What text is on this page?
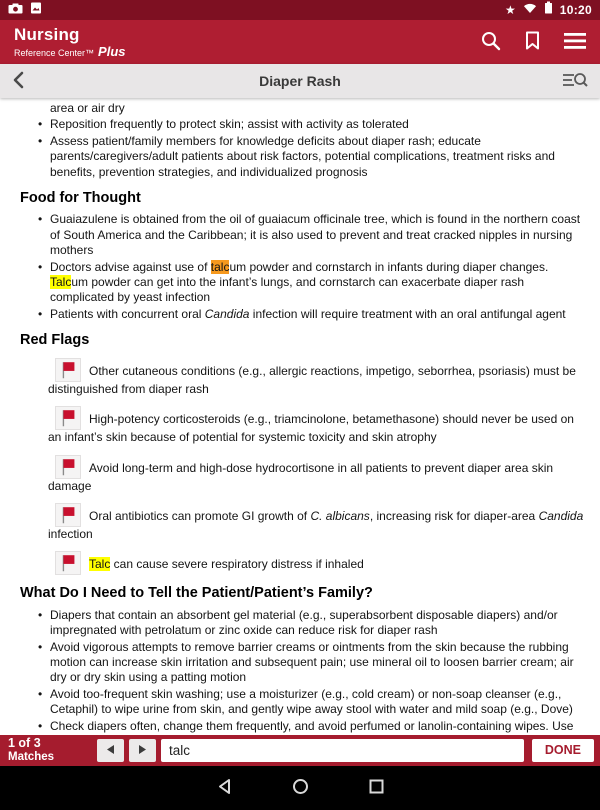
★	10:20
Nursing
Reference Center™ Plus
Diaper Rash
area or air dry
• Reposition frequently to protect skin; assist with activity as tolerated
• Assess patient/family members for knowledge deficits about diaper rash; educate parents/caregivers/adult patients about risk factors, potential complications, treatment risks and benefits, prevention strategies, and individualized prognosis
Food for Thought
• Guaiazulene is obtained from the oil of guaiacum officinale tree, which is found in the northern coast of South America and the Caribbean; it is also used to prevent and treat cracked nipples in nursing mothers
• Doctors advise against use of talcum powder and cornstarch in infants during diaper changes. Talcum powder can get into the infant’s lungs, and cornstarch can exacerbate diaper rash complicated by yeast infection
• Patients with concurrent oral Candida infection will require treatment with an oral antifungal agent
Red Flags
Other cutaneous conditions (e.g., allergic reactions, impetigo, seborrhea, psoriasis) must be distinguished from diaper rash
High-potency corticosteroids (e.g., triamcinolone, betamethasone) should never be used on an infant’s skin because of potential for systemic toxicity and skin atrophy
Avoid long-term and high-dose hydrocortisone in all patients to prevent diaper area skin damage
Oral antibiotics can promote GI growth of C. albicans, increasing risk for diaper-area Candida infection
Talc can cause severe respiratory distress if inhaled
What Do I Need to Tell the Patient/Patient’s Family?
• Diapers that contain an absorbent gel material (e.g., superabsorbent disposable diapers) and/or impregnated with petrolatum or zinc oxide can reduce risk for diaper rash
• Avoid vigorous attempts to remove barrier creams or ointments from the skin because the rubbing motion can increase skin irritation and subsequent pain; use mineral oil to loosen barrier cream; air dry or dry skin using a patting motion
• Avoid too-frequent skin washing; use a moisturizer (e.g., cold cream) or non-soap cleanser (e.g., Cetaphil) to wipe urine from skin, and gently wipe away stool with water and mild soap (e.g., Dove)
• Check diapers often, change them frequently, and avoid perfumed or lanolin-containing wipes. Use
1 of 3
Matches
talc	DONE
